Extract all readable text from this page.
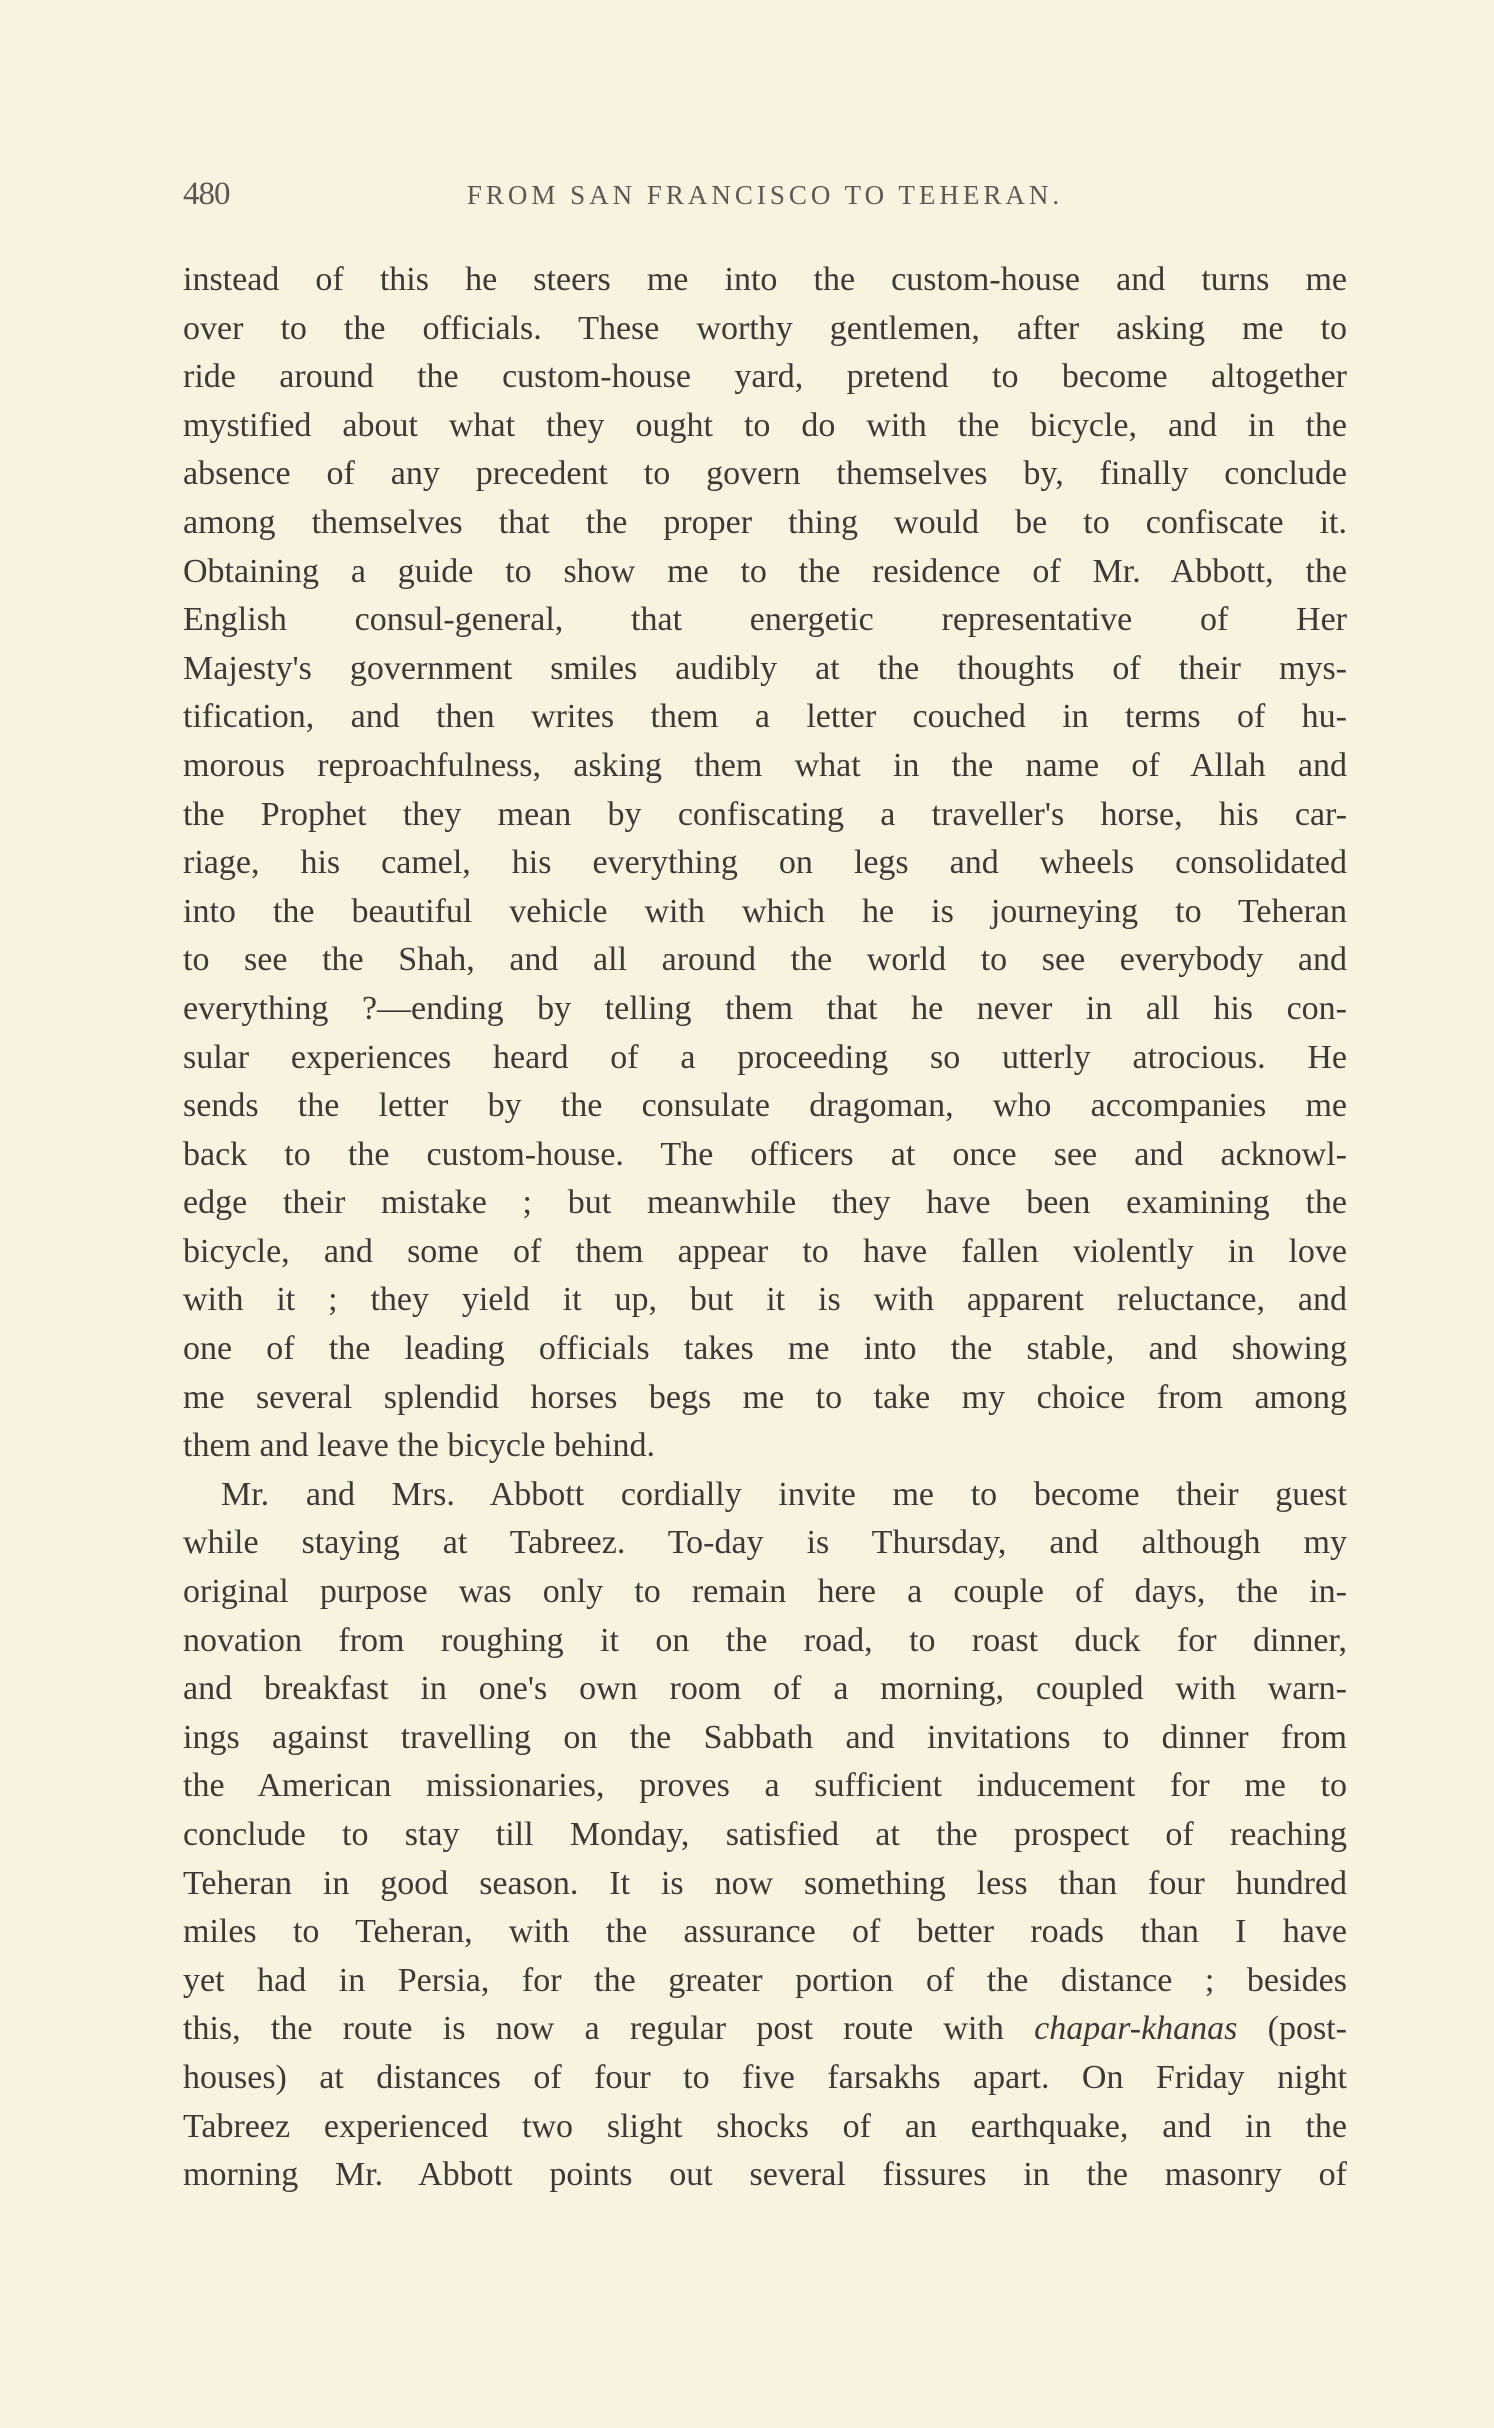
480	FROM SAN FRANCISCO TO TEHERAN.
instead of this he steers me into the custom-house and turns me
over to the officials. These worthy gentlemen, after asking me to
ride around the custom-house yard, pretend to become altogether
mystified about what they ought to do with the bicycle, and in the
absence of any precedent to govern themselves by, finally conclude
among themselves that the proper thing would be to confiscate it.
Obtaining a guide to show me to the residence of Mr. Abbott, the
English consul-general, that energetic representative of Her
Majesty's government smiles audibly at the thoughts of their mys-
tification, and then writes them a letter couched in terms of hu-
morous reproachfulness, asking them what in the name of Allah and
the Prophet they mean by confiscating a traveller's horse, his car-
riage, his camel, his everything on legs and wheels consolidated
into the beautiful vehicle with which he is journeying to Teheran
to see the Shah, and all around the world to see everybody and
everything ?—ending by telling them that he never in all his con-
sular experiences heard of a proceeding so utterly atrocious. He
sends the letter by the consulate dragoman, who accompanies me
back to the custom-house. The officers at once see and acknowl-
edge their mistake ; but meanwhile they have been examining the
bicycle, and some of them appear to have fallen violently in love
with it ; they yield it up, but it is with apparent reluctance, and
one of the leading officials takes me into the stable, and showing
me several splendid horses begs me to take my choice from among
them and leave the bicycle behind.
Mr. and Mrs. Abbott cordially invite me to become their guest
while staying at Tabreez. To-day is Thursday, and although my
original purpose was only to remain here a couple of days, the in-
novation from roughing it on the road, to roast duck for dinner,
and breakfast in one's own room of a morning, coupled with warn-
ings against travelling on the Sabbath and invitations to dinner from
the American missionaries, proves a sufficient inducement for me to
conclude to stay till Monday, satisfied at the prospect of reaching
Teheran in good season. It is now something less than four hundred
miles to Teheran, with the assurance of better roads than I have
yet had in Persia, for the greater portion of the distance ; besides
this, the route is now a regular post route with chapar-khanas (post-
houses) at distances of four to five farsakhs apart. On Friday night
Tabreez experienced two slight shocks of an earthquake, and in the
morning Mr. Abbott points out several fissures in the masonry of
